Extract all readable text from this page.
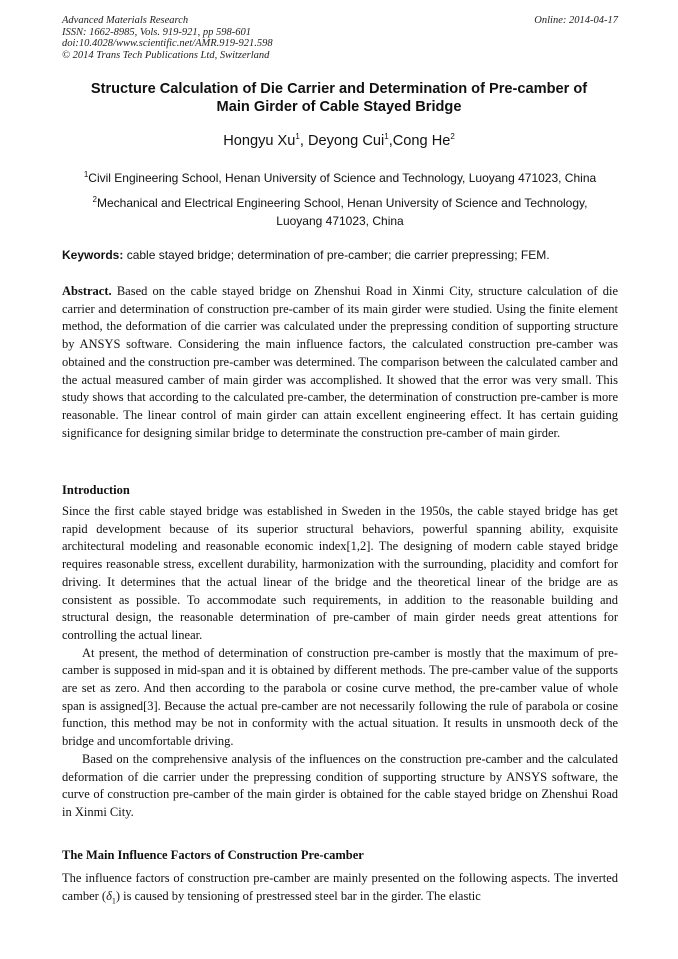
Advanced Materials Research
ISSN: 1662-8985, Vols. 919-921, pp 598-601
doi:10.4028/www.scientific.net/AMR.919-921.598
© 2014 Trans Tech Publications Ltd, Switzerland
Online: 2014-04-17
Structure Calculation of Die Carrier and Determination of Pre-camber of
Main Girder of Cable Stayed Bridge
Hongyu Xu$^1$, Deyong Cui$^1$,Cong He$^2$
$^1$Civil Engineering School, Henan University of Science and Technology, Luoyang 471023, China
$^2$Mechanical and Electrical Engineering School, Henan University of Science and Technology, Luoyang 471023, China
Keywords: cable stayed bridge; determination of pre-camber; die carrier prepressing; FEM.
Abstract. Based on the cable stayed bridge on Zhenshui Road in Xinmi City, structure calculation of die carrier and determination of construction pre-camber of its main girder were studied. Using the finite element method, the deformation of die carrier was calculated under the prepressing condition of supporting structure by ANSYS software. Considering the main influence factors, the calculated construction pre-camber was obtained and the construction pre-camber was determined. The comparison between the calculated camber and the actual measured camber of main girder was accomplished. It showed that the error was very small. This study shows that according to the calculated pre-camber, the determination of construction pre-camber is more reasonable. The linear control of main girder can attain excellent engineering effect. It has certain guiding significance for designing similar bridge to determinate the construction pre-camber of main girder.
Introduction

Since the first cable stayed bridge was established in Sweden in the 1950s, the cable stayed bridge has get rapid development because of its superior structural behaviors, powerful spanning ability, exquisite architectural modeling and reasonable economic index[1,2]. The designing of modern cable stayed bridge requires reasonable stress, excellent durability, harmonization with the surrounding, placidity and comfort for driving. It determines that the actual linear of the bridge and the theoretical linear of the bridge are as consistent as possible. To accommodate such requirements, in addition to the reasonable building and structural design, the reasonable determination of pre-camber of main girder needs great attentions for controlling the actual linear.

At present, the method of determination of construction pre-camber is mostly that the maximum of pre-camber is supposed in mid-span and it is obtained by different methods. The pre-camber value of the supports are set as zero. And then according to the parabola or cosine curve method, the pre-camber value of whole span is assigned[3]. Because the actual pre-camber are not necessarily following the rule of parabola or cosine function, this method may be not in conformity with the actual situation. It results in unsmooth deck of the bridge and uncomfortable driving.

Based on the comprehensive analysis of the influences on the construction pre-camber and the calculated deformation of die carrier under the prepressing condition of supporting structure by ANSYS software, the curve of construction pre-camber of the main girder is obtained for the cable stayed bridge on Zhenshui Road in Xinmi City.

The Main Influence Factors of Construction Pre-camber

The influence factors of construction pre-camber are mainly presented on the following aspects. The inverted camber $(\delta_1)$ is caused by tensioning of prestressed steel bar in the girder. The elastic
